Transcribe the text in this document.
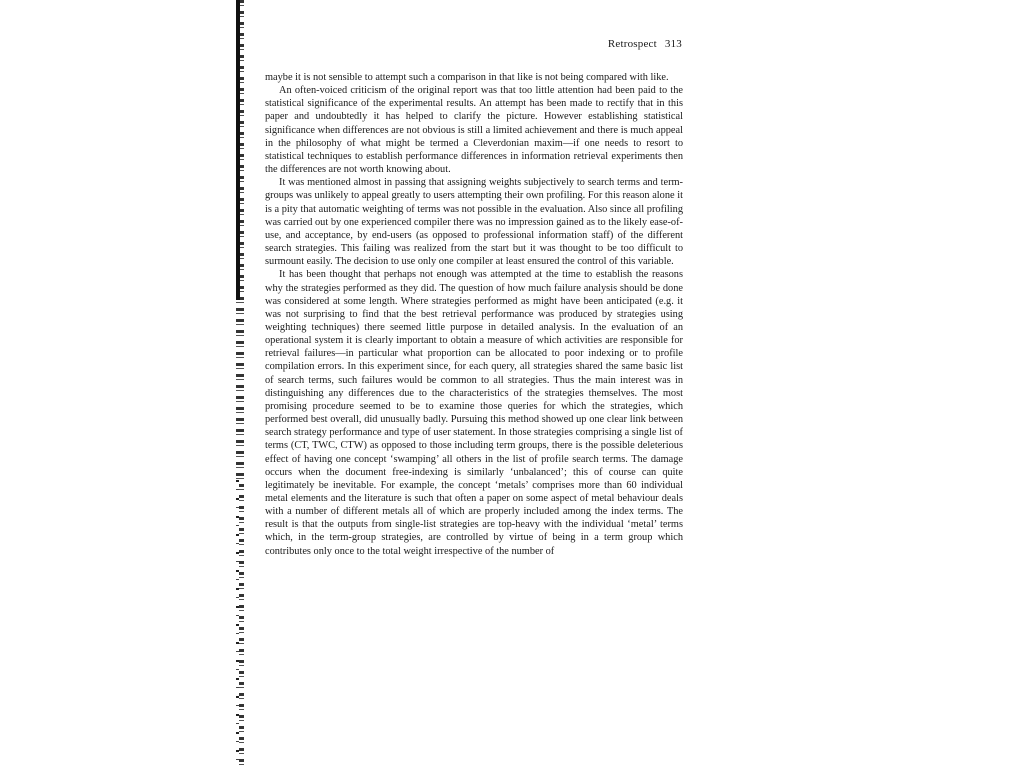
Retrospect 313

maybe it is not sensible to attempt such a comparison in that like is not being compared with like.

An often-voiced criticism of the original report was that too little attention had been paid to the statistical significance of the experimental results. An attempt has been made to rectify that in this paper and undoubtedly it has helped to clarify the picture. However establishing statistical significance when differences are not obvious is still a limited achievement and there is much appeal in the philosophy of what might be termed a Cleverdonian maxim—if one needs to resort to statistical techniques to establish performance differences in information retrieval experiments then the differences are not worth knowing about.

It was mentioned almost in passing that assigning weights subjectively to search terms and term-groups was unlikely to appeal greatly to users attempting their own profiling. For this reason alone it is a pity that automatic weighting of terms was not possible in the evaluation. Also since all profiling was carried out by one experienced compiler there was no impression gained as to the likely ease-of-use, and acceptance, by end-users (as opposed to professional information staff) of the different search strategies. This failing was realized from the start but it was thought to be too difficult to surmount easily. The decision to use only one compiler at least ensured the control of this variable.

It has been thought that perhaps not enough was attempted at the time to establish the reasons why the strategies performed as they did. The question of how much failure analysis should be done was considered at some length. Where strategies performed as might have been anticipated (e.g. it was not surprising to find that the best retrieval performance was produced by strategies using weighting techniques) there seemed little purpose in detailed analysis. In the evaluation of an operational system it is clearly important to obtain a measure of which activities are responsible for retrieval failures—in particular what proportion can be allocated to poor indexing or to profile compilation errors. In this experiment since, for each query, all strategies shared the same basic list of search terms, such failures would be common to all strategies. Thus the main interest was in distinguishing any differences due to the characteristics of the strategies themselves. The most promising procedure seemed to be to examine those queries for which the strategies, which performed best overall, did unusually badly. Pursuing this method showed up one clear link between search strategy performance and type of user statement. In those strategies comprising a single list of terms (CT, TWC, CTW) as opposed to those including term groups, there is the possible deleterious effect of having one concept ‘swamping’ all others in the list of profile search terms. The damage occurs when the document free-indexing is similarly ‘unbalanced’; this of course can quite legitimately be inevitable. For example, the concept ‘metals’ comprises more than 60 individual metal elements and the literature is such that often a paper on some aspect of metal behaviour deals with a number of different metals all of which are properly included among the index terms. The result is that the outputs from single-list strategies are top-heavy with the individual ‘metal’ terms which, in the term-group strategies, are controlled by virtue of being in a term group which contributes only once to the total weight irrespective of the number of
